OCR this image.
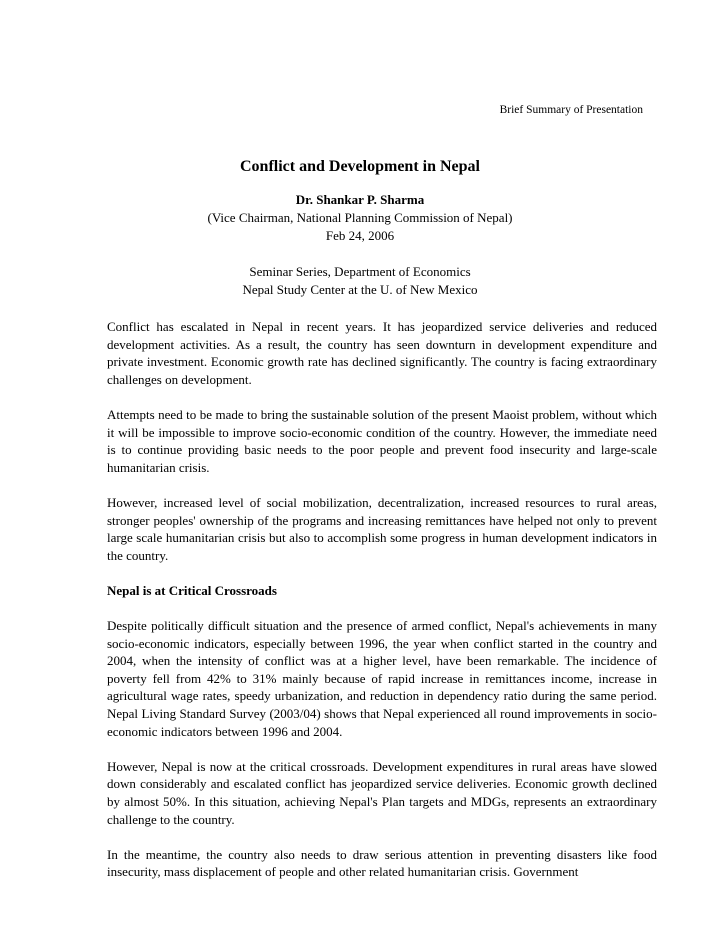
Brief Summary of Presentation
Conflict and Development in Nepal
Dr. Shankar P. Sharma
(Vice Chairman, National Planning Commission of Nepal)
Feb 24, 2006
Seminar Series, Department of Economics
Nepal Study Center at the U. of New Mexico

Conflict has escalated in Nepal in recent years. It has jeopardized service deliveries and reduced development activities. As a result, the country has seen downturn in development expenditure and private investment. Economic growth rate has declined significantly. The country is facing extraordinary challenges on development.

Attempts need to be made to bring the sustainable solution of the present Maoist problem, without which it will be impossible to improve socio-economic condition of the country. However, the immediate need is to continue providing basic needs to the poor people and prevent food insecurity and large-scale humanitarian crisis.

However, increased level of social mobilization, decentralization, increased resources to rural areas, stronger peoples' ownership of the programs and increasing remittances have helped not only to prevent large scale humanitarian crisis but also to accomplish some progress in human development indicators in the country.

Nepal is at Critical Crossroads

Despite politically difficult situation and the presence of armed conflict, Nepal's achievements in many socio-economic indicators, especially between 1996, the year when conflict started in the country and 2004, when the intensity of conflict was at a higher level, have been remarkable. The incidence of poverty fell from 42% to 31% mainly because of rapid increase in remittances income, increase in agricultural wage rates, speedy urbanization, and reduction in dependency ratio during the same period. Nepal Living Standard Survey (2003/04) shows that Nepal experienced all round improvements in socio-economic indicators between 1996 and 2004.

However, Nepal is now at the critical crossroads. Development expenditures in rural areas have slowed down considerably and escalated conflict has jeopardized service deliveries. Economic growth declined by almost 50%. In this situation, achieving Nepal's Plan targets and MDGs, represents an extraordinary challenge to the country.

In the meantime, the country also needs to draw serious attention in preventing disasters like food insecurity, mass displacement of people and other related humanitarian crisis. Government
